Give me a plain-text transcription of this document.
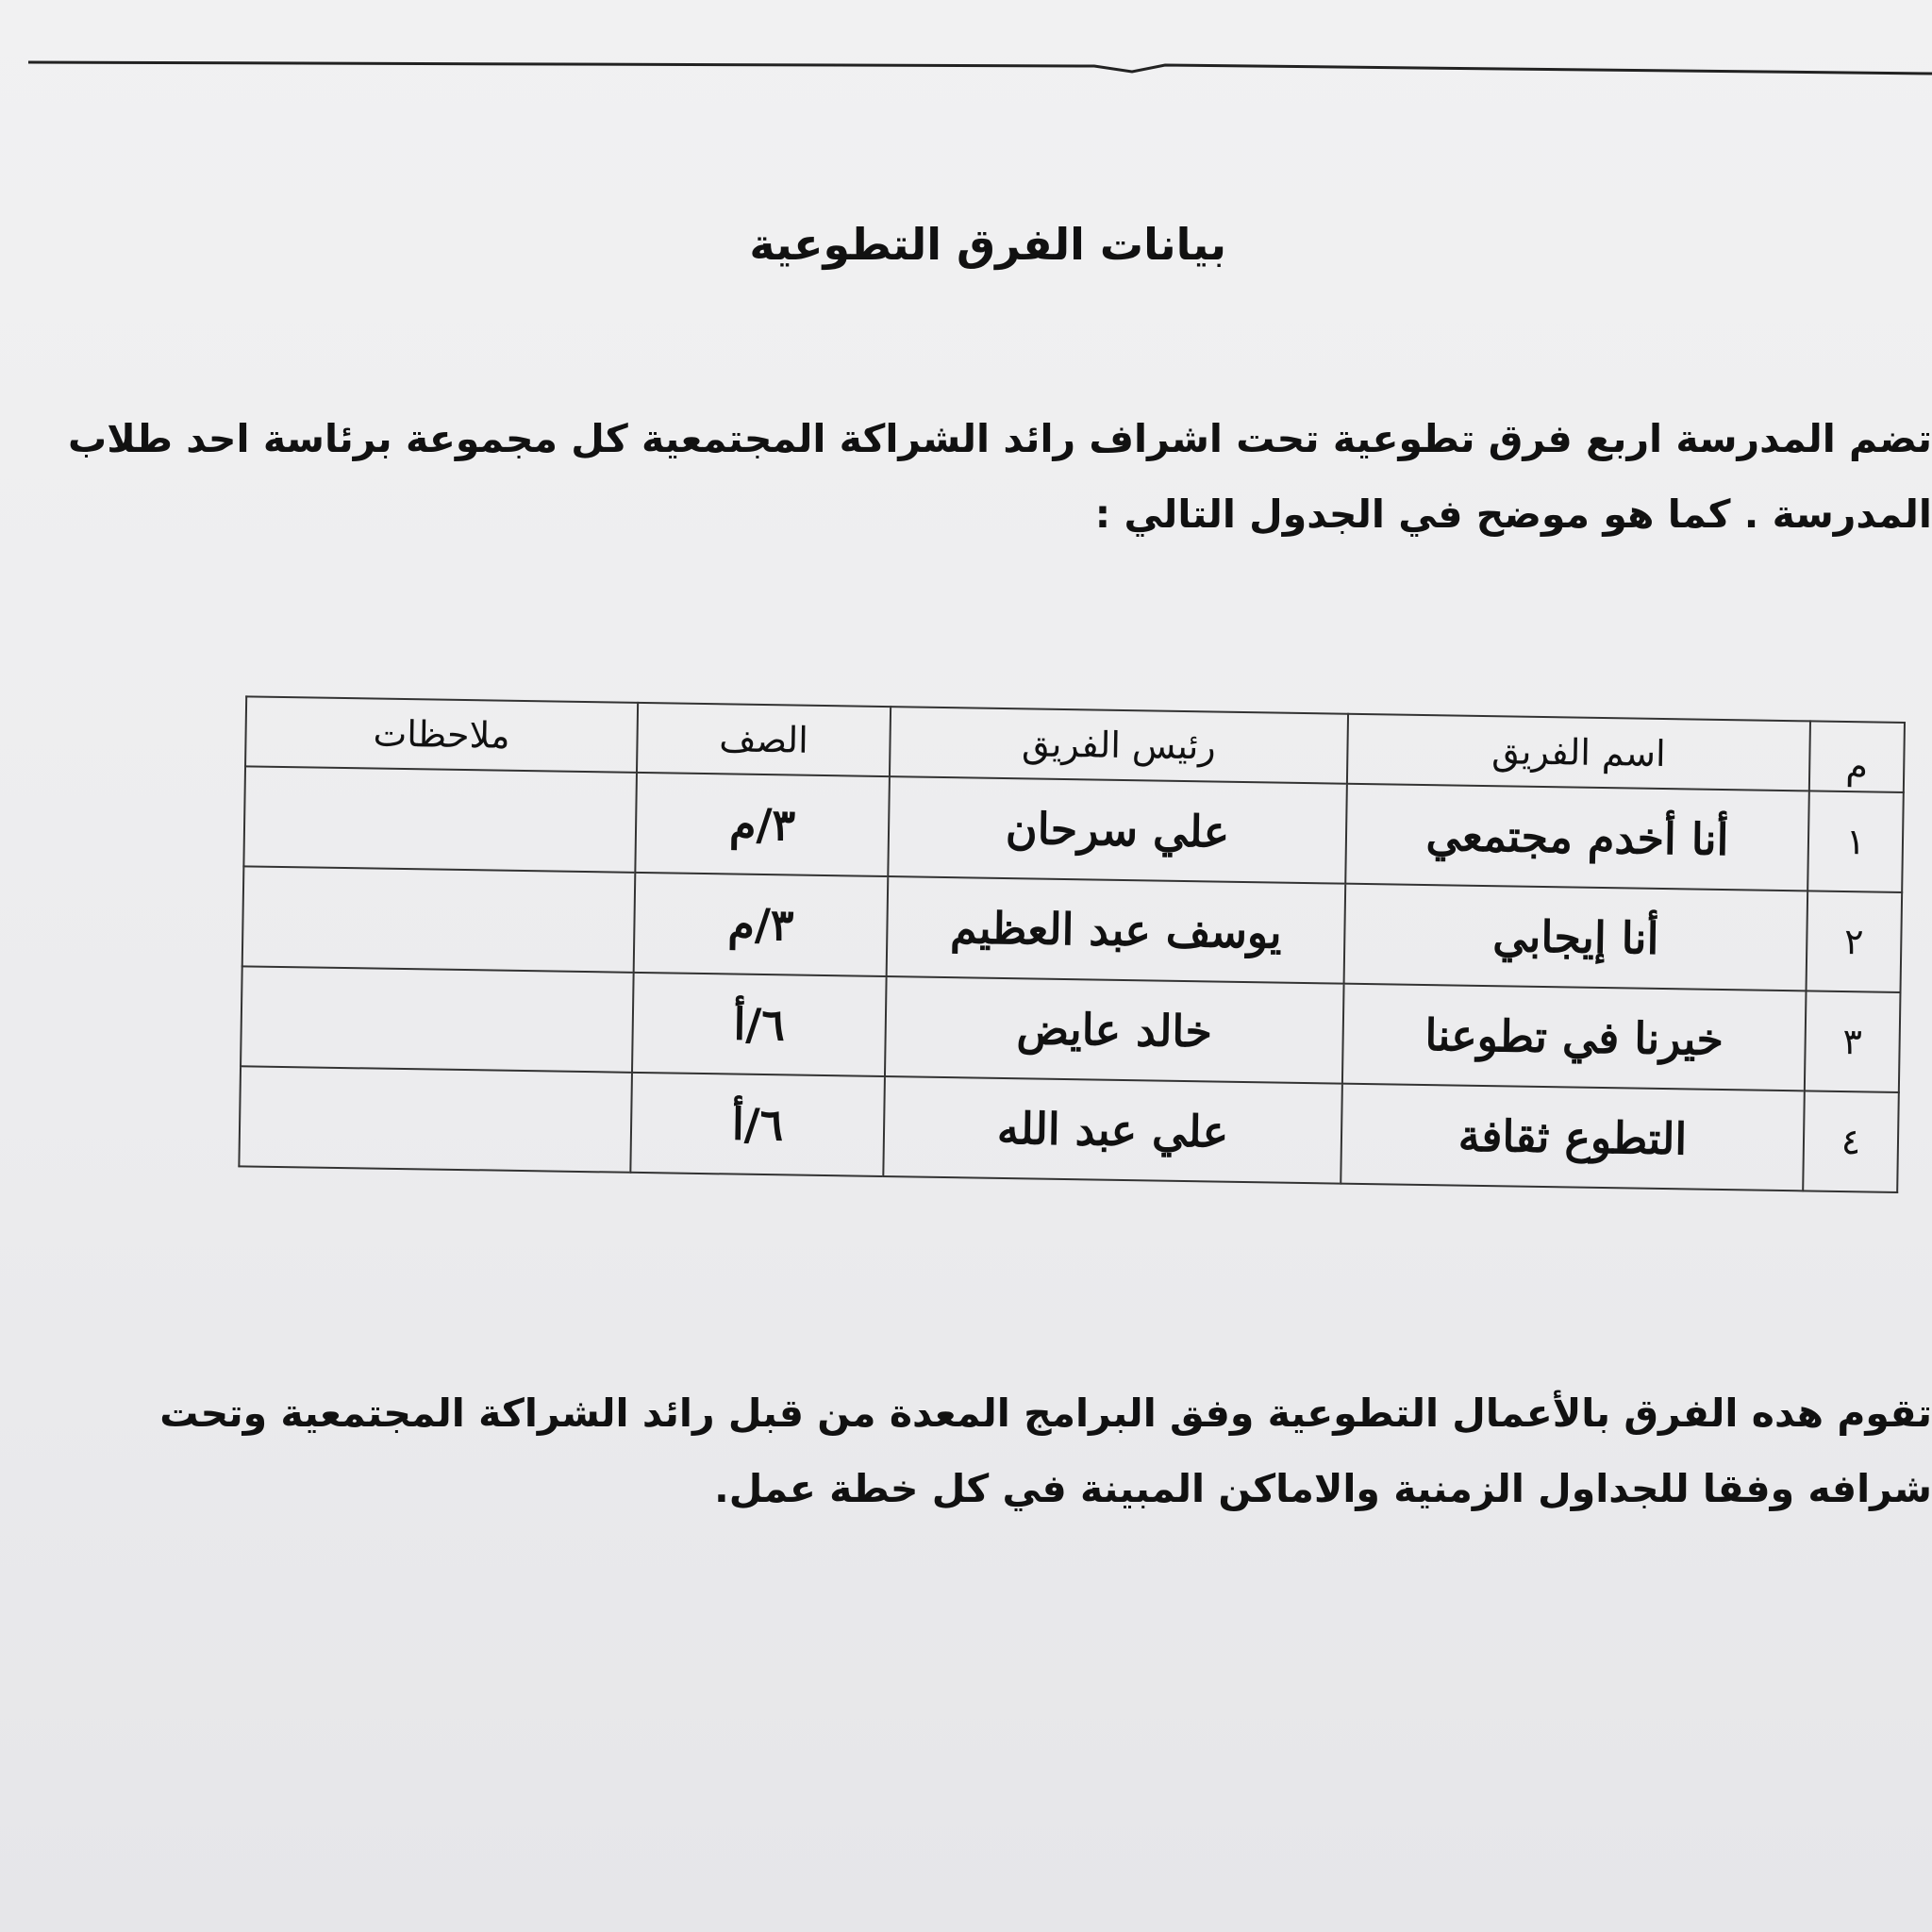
بيانات الفرق التطوعية
تضم المدرسة اربع فرق تطوعية تحت اشراف رائد الشراكة المجتمعية كل مجموعة برئاسة احد طلاب
المدرسة . كما هو موضح في الجدول التالي :
م	اسم الفريق	رئيس الفريق	الصف	ملاحظات
١	أنا أخدم مجتمعي	علي سرحان	٣/م	
٢	أنا إيجابي	يوسف عبد العظيم	٣/م	
٣	خيرنا في تطوعنا	خالد عايض	٦/أ	
٤	التطوع ثقافة	علي عبد الله	٦/أ	
تقوم هده الفرق بالأعمال التطوعية وفق البرامج المعدة من قبل رائد الشراكة المجتمعية وتحت
شرافه وفقا للجداول الزمنية والاماكن المبينة في كل خطة عمل.
